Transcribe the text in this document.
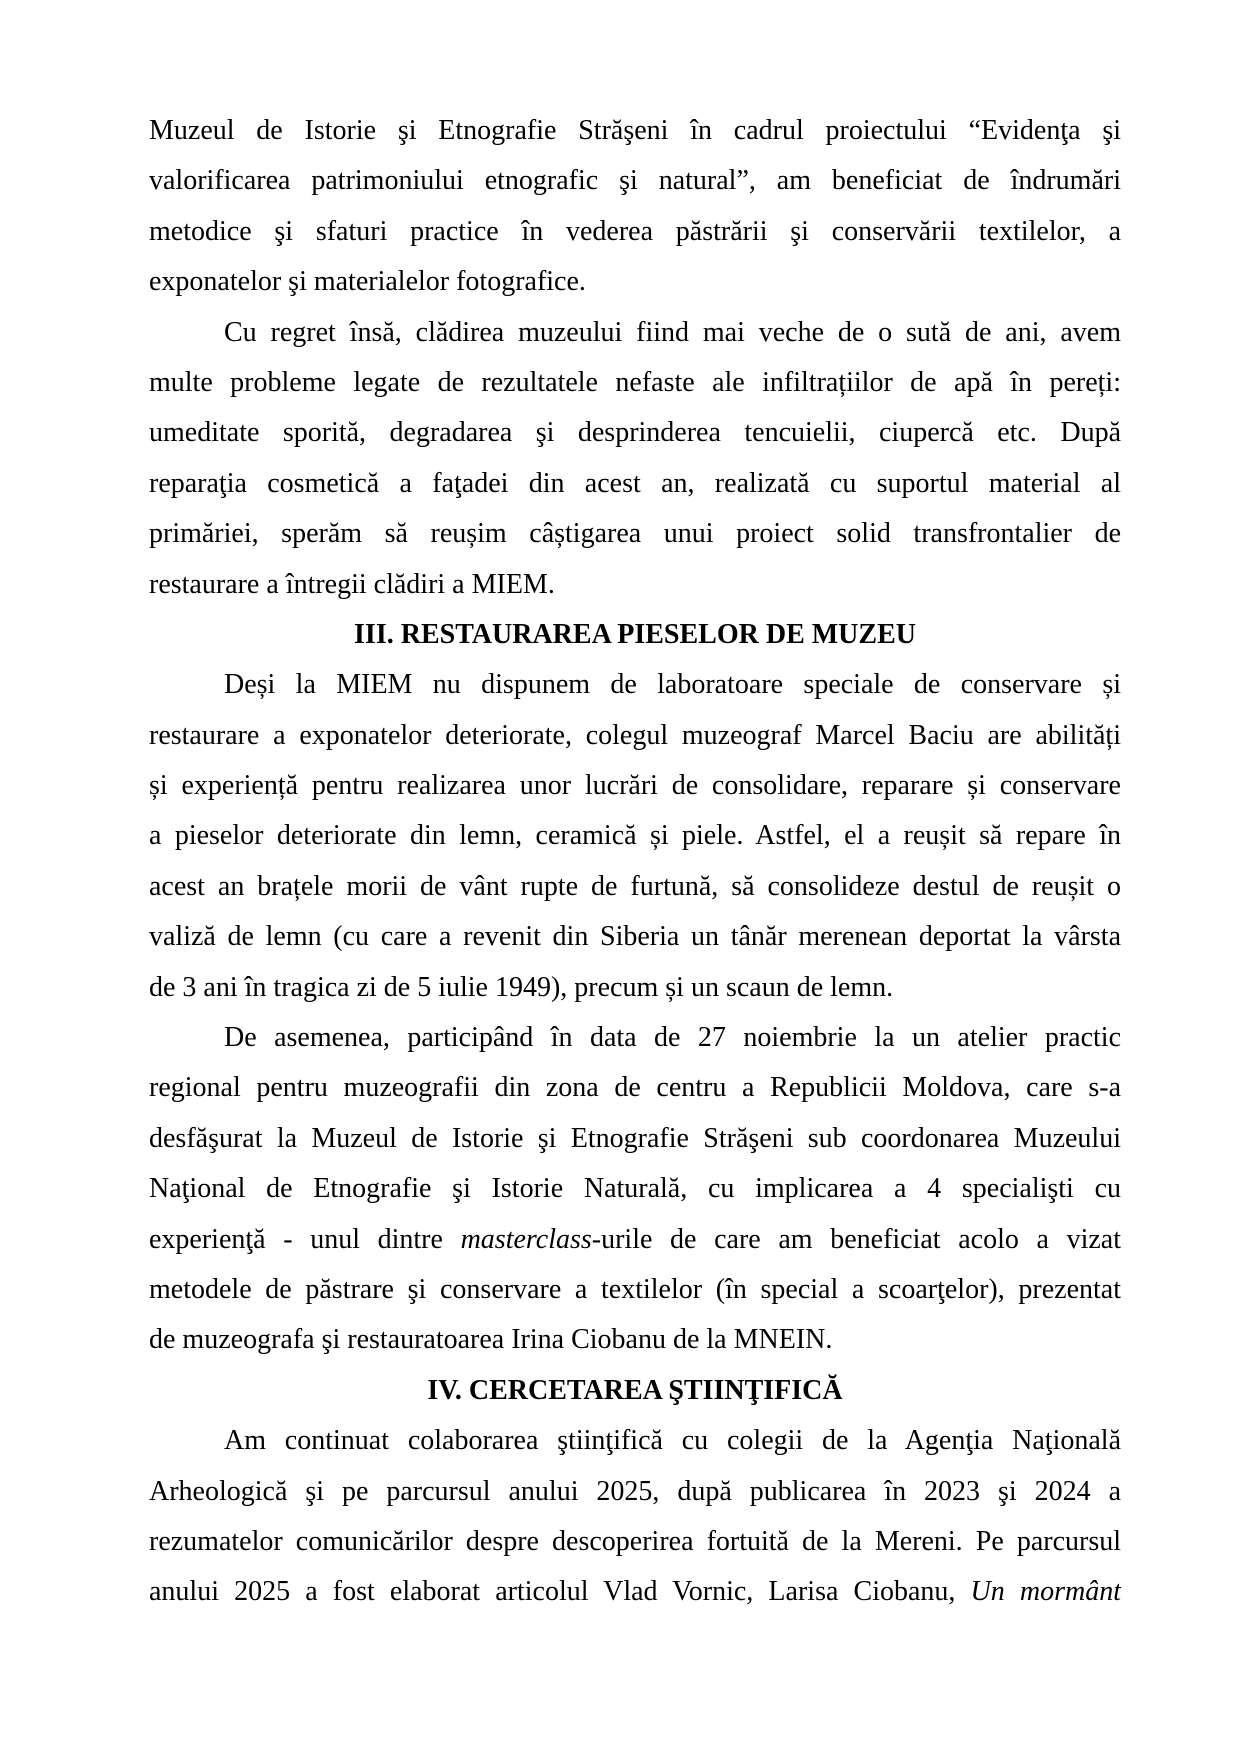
Muzeul de Istorie şi Etnografie Străşeni în cadrul proiectului “Evidenţa şi
valorificarea patrimoniului etnografic şi natural”, am beneficiat de îndrumări
metodice şi sfaturi practice în vederea păstrării şi conservării textilelor, a
exponatelor şi materialelor fotografice.
Cu regret însă, clădirea muzeului fiind mai veche de o sută de ani, avem
multe probleme legate de rezultatele nefaste ale infiltrațiilor de apă în pereți:
umeditate sporită, degradarea şi desprinderea tencuielii, ciupercă etc. După
reparaţia cosmetică a faţadei din acest an, realizată cu suportul material al
primăriei, sperăm să reușim câștigarea unui proiect solid transfrontalier de
restaurare a întregii clădiri a MIEM.
III. RESTAURAREA PIESELOR DE MUZEU
Deși la MIEM nu dispunem de laboratoare speciale de conservare și
restaurare a exponatelor deteriorate, colegul muzeograf Marcel Baciu are abilități
și experiență pentru realizarea unor lucrări de consolidare, reparare și conservare
a pieselor deteriorate din lemn, ceramică și piele. Astfel, el a reușit să repare în
acest an brațele morii de vânt rupte de furtună, să consolideze destul de reușit o
valiză de lemn (cu care a revenit din Siberia un tânăr merenean deportat la vârsta
de 3 ani în tragica zi de 5 iulie 1949), precum și un scaun de lemn.
De asemenea, participând în data de 27 noiembrie la un atelier practic
regional pentru muzeografii din zona de centru a Republicii Moldova, care s-a
desfăşurat la Muzeul de Istorie şi Etnografie Străşeni sub coordonarea Muzeului
Naţional de Etnografie şi Istorie Naturală, cu implicarea a 4 specialişti cu
experienţă - unul dintre masterclass-urile de care am beneficiat acolo a vizat
metodele de păstrare şi conservare a textilelor (în special a scoarţelor), prezentat
de muzeografa şi restauratoarea Irina Ciobanu de la MNEIN.
IV. CERCETAREA ŞTIINŢIFICĂ
Am continuat colaborarea ştiinţifică cu colegii de la Agenţia Naţională
Arheologică şi pe parcursul anului 2025, după publicarea în 2023 şi 2024 a
rezumatelor comunicărilor despre descoperirea fortuită de la Mereni. Pe parcursul
anului 2025 a fost elaborat articolul Vlad Vornic, Larisa Ciobanu, Un mormânt
